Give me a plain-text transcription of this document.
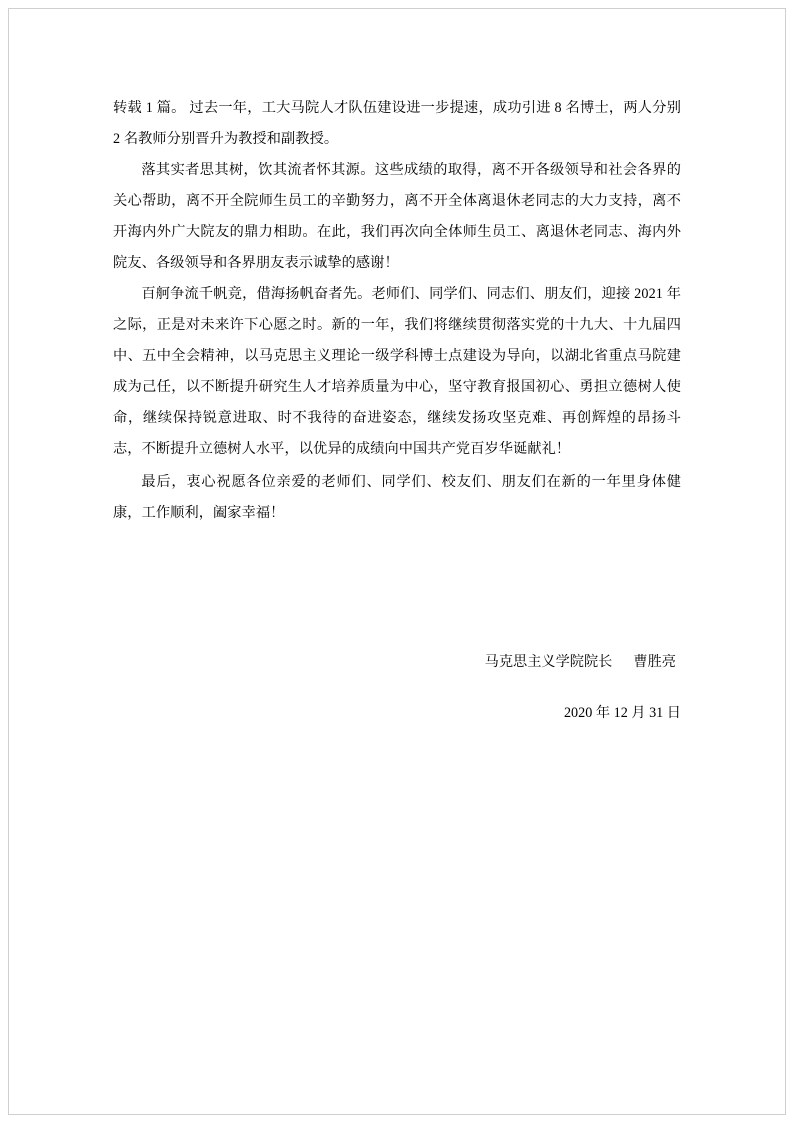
转载 1 篇。 过去一年，工大马院人才队伍建设进一步提速，成功引进 8 名博士，两人分别 2 名教师分别晋升为教授和副教授。

落其实者思其树，饮其流者怀其源。这些成绩的取得，离不开各级领导和社会各界的关心帮助，离不开全院师生员工的辛勤努力，离不开全体离退休老同志的大力支持，离不开海内外广大院友的鼎力相助。在此，我们再次向全体师生员工、离退休老同志、海内外院友、各级领导和各界朋友表示诚挚的感谢！

百舸争流千帆竞，借海扬帆奋者先。老师们、同学们、同志们、朋友们，迎接 2021 年之际，正是对未来许下心愿之时。新的一年，我们将继续贯彻落实党的十九大、十九届四中、五中全会精神，以马克思主义理论一级学科博士点建设为导向，以湖北省重点马院建成为己任，以不断提升研究生人才培养质量为中心，坚守教育报国初心、勇担立德树人使命，继续保持锐意进取、时不我待的奋进姿态，继续发扬攻坚克难、再创辉煌的昂扬斗志，不断提升立德树人水平，以优异的成绩向中国共产党百岁华诞献礼！

最后，衷心祝愿各位亲爱的老师们、同学们、校友们、朋友们在新的一年里身体健康，工作顺利，阖家幸福！

马克思主义学院院长 曹胜亮
2020 年 12 月 31 日
